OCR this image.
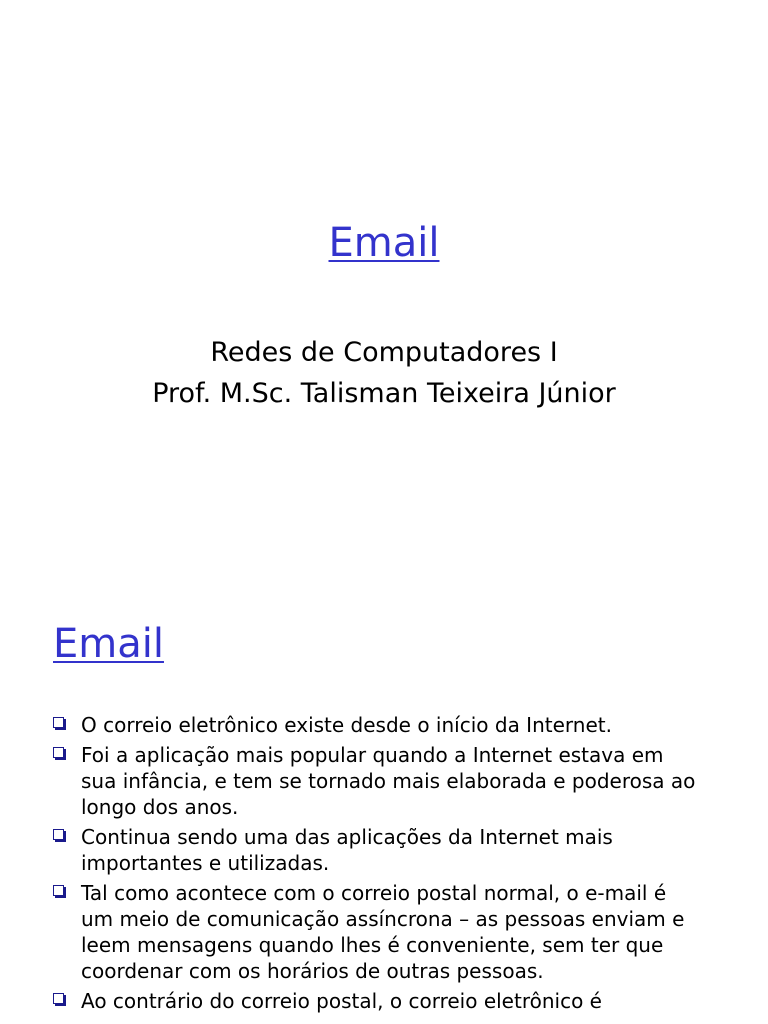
Email
Redes de Computadores I
Prof. M.Sc. Talisman Teixeira Júnior
Email
O correio eletrônico existe desde o início da Internet.
Foi a aplicação mais popular quando a Internet estava em sua infância, e tem se tornado mais elaborada e poderosa ao longo dos anos.
Continua sendo uma das aplicações da Internet mais importantes e utilizadas.
Tal como acontece com o correio postal normal, o e-mail é um meio de comunicação assíncrona – as pessoas enviam e leem mensagens quando lhes é conveniente, sem ter que coordenar com os horários de outras pessoas.
Ao contrário do correio postal, o correio eletrônico é
